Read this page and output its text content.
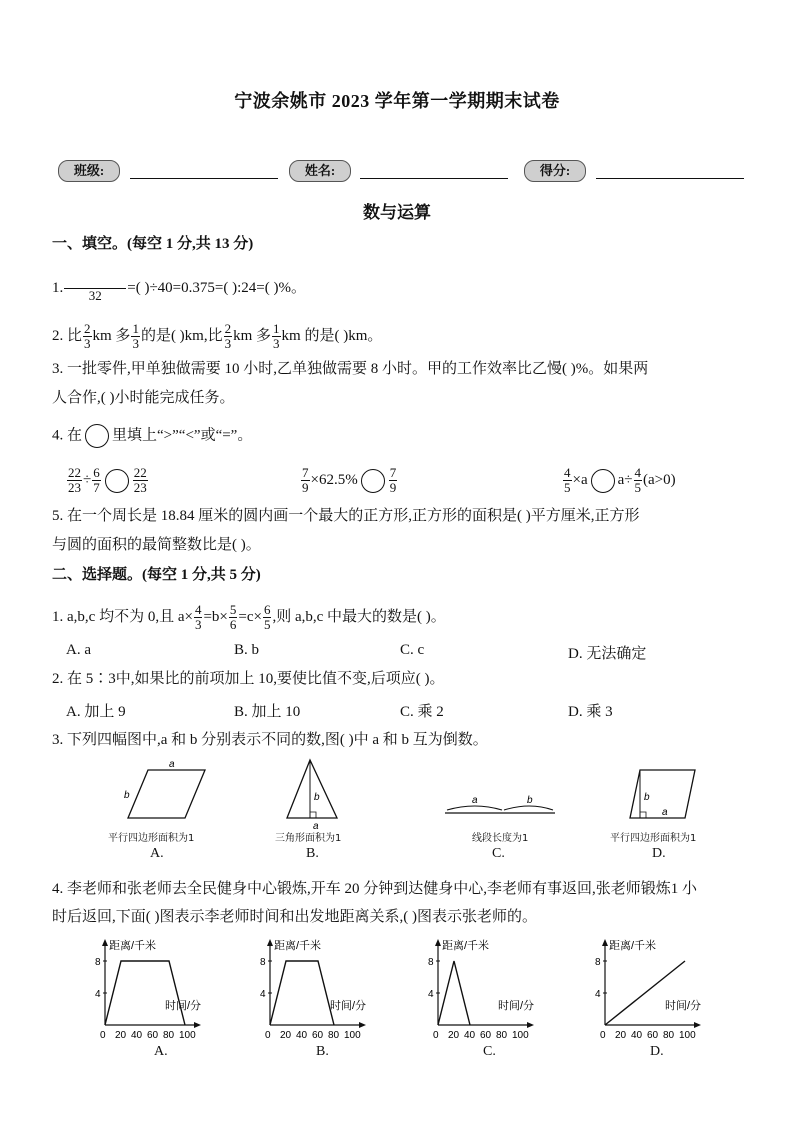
宁波余姚市 2023 学年第一学期期末试卷
班级:	姓名:	得分:
数与运算
一、填空。(每空 1 分,共 13 分)
1.
	32	=( )÷40=0.375=( ):24=( )%。
2. 比 $\frac{2}{3}$ km 多 $\frac{1}{3}$ 的是( )km,比 $\frac{2}{3}$ km 多 $\frac{1}{3}$ km 的是( )km。
3. 一批零件,甲单独做需要 10 小时,乙单独做需要 8 小时。甲的工作效率比乙慢( )%。如果两
人合作,( )小时能完成任务。
4. 在 里填上“>”“<”或“=”。
$\frac{22}{23} \div \frac{6}{7} \frac{22}{23}$	$\frac{7}{9} \times 62.5\% \frac{7}{9}$	$\frac{4}{5} \times a$ $a\div \frac{4}{5} (a>0)$
5. 在一个周长是 18.84 厘米的圆内画一个最大的正方形,正方形的面积是( )平方厘米,正方形
与圆的面积的最简整数比是( )。
二、选择题。(每空 1 分,共 5 分)
1. a,b,c 均不为 0,且 $a\times \frac{4}{3} =b\times \frac{5}{6} =c\times \frac{6}{5}$ ,则 a,b,c 中最大的数是( )。
A. a	B. b	C. c	D. 无法确定
2. 在 5∶3中,如果比的前项加上 10,要使比值不变,后项应( )。
A. 加上 9	B. 加上 10	C. 乘 2	D. 乘 3
3. 下列四幅图中,a 和 b 分别表示不同的数,图( )中 a 和 b 互为倒数。
a
b	b
a
a	b	b
a
平行四边形面积为1	三角形面积为1	线段长度为1	平行四边形面积为1
A.	B.	C.	D.
4. 李老师和张老师去全民健身中心锻炼,开车 20 分钟到达健身中心,李老师有事返回,张老师锻炼1 小
时后返回,下面( )图表示李老师时间和出发地距离关系,( )图表示张老师的。
距离/千米
时间/分
0 20 40 60 80 100
4
8
距离/千米
时间/分
0 20 40 60 80 100
4
8
距离/千米
时间/分
0 20 40 60 80 100
4
8
距离/千米
时间/分
0 20 40 60 80 100
4
8
A.	B.	C.	D.
